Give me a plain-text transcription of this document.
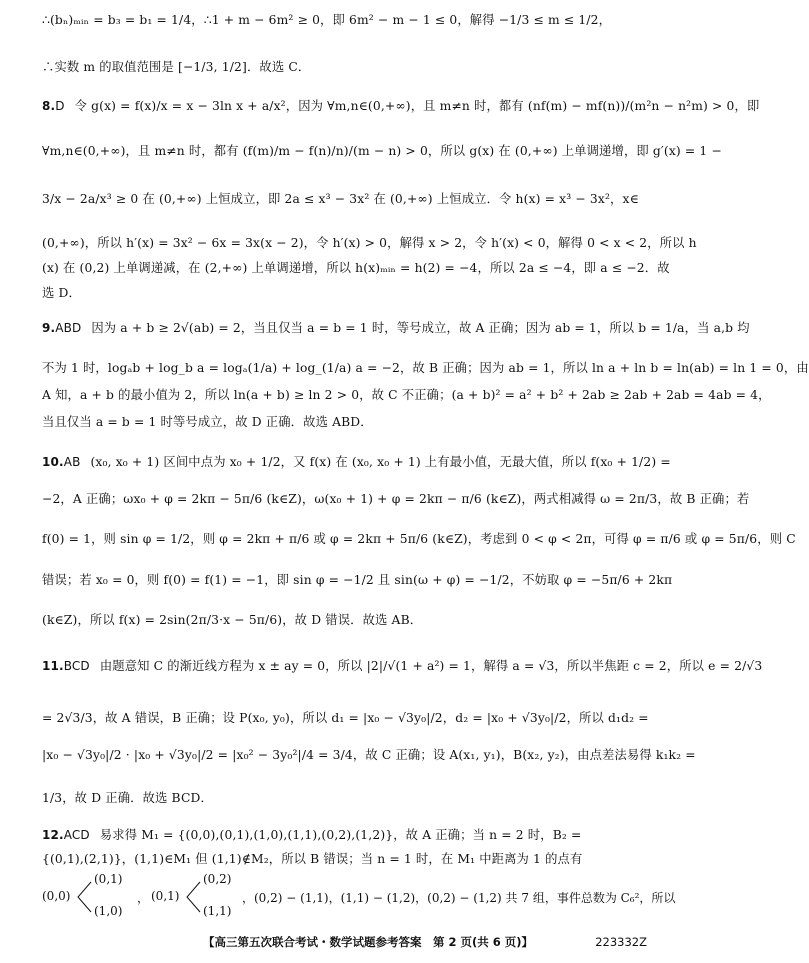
∴(bₙ)ₘᵢₙ = b₃ = b₁ = 1/4，∴1 + m − 6m² ≥ 0，即 6m² − m − 1 ≤ 0，解得 −1/3 ≤ m ≤ 1/2，
∴实数 m 的取值范围是 [−1/3, 1/2]．故选 C．
8.D 令 g(x) = f(x)/x = x − 3ln x + a/x²，因为 ∀m,n∈(0,+∞)，且 m≠n 时，都有 (nf(m) − mf(n))/(m²n − n²m) > 0，即
∀m,n∈(0,+∞)，且 m≠n 时，都有 (f(m)/m − f(n)/n)/(m − n) > 0，所以 g(x) 在 (0,+∞) 上单调递增，即 g′(x) = 1 −
3/x − 2a/x³ ≥ 0 在 (0,+∞) 上恒成立，即 2a ≤ x³ − 3x² 在 (0,+∞) 上恒成立．令 h(x) = x³ − 3x²，x∈
(0,+∞)，所以 h′(x) = 3x² − 6x = 3x(x − 2)，令 h′(x) > 0，解得 x > 2，令 h′(x) < 0，解得 0 < x < 2，所以 h
(x) 在 (0,2) 上单调递减，在 (2,+∞) 上单调递增，所以 h(x)ₘᵢₙ = h(2) = −4，所以 2a ≤ −4，即 a ≤ −2．故
选 D．
9.ABD 因为 a + b ≥ 2√(ab) = 2，当且仅当 a = b = 1 时，等号成立，故 A 正确；因为 ab = 1，所以 b = 1/a，当 a,b 均
不为 1 时，logₐb + log_b a = logₐ(1/a) + log_(1/a) a = −2，故 B 正确；因为 ab = 1，所以 ln a + ln b = ln(ab) = ln 1 = 0，由
A 知，a + b 的最小值为 2，所以 ln(a + b) ≥ ln 2 > 0，故 C 不正确；(a + b)² = a² + b² + 2ab ≥ 2ab + 2ab = 4ab = 4，
当且仅当 a = b = 1 时等号成立，故 D 正确．故选 ABD．
10.AB (x₀, x₀ + 1) 区间中点为 x₀ + 1/2，又 f(x) 在 (x₀, x₀ + 1) 上有最小值，无最大值，所以 f(x₀ + 1/2) =
−2，A 正确；ωx₀ + φ = 2kπ − 5π/6 (k∈Z)，ω(x₀ + 1) + φ = 2kπ − π/6 (k∈Z)，两式相减得 ω = 2π/3，故 B 正确；若
f(0) = 1，则 sin φ = 1/2，则 φ = 2kπ + π/6 或 φ = 2kπ + 5π/6 (k∈Z)，考虑到 0 < φ < 2π，可得 φ = π/6 或 φ = 5π/6，则 C
错误；若 x₀ = 0，则 f(0) = f(1) = −1，即 sin φ = −1/2 且 sin(ω + φ) = −1/2，不妨取 φ = −5π/6 + 2kπ
(k∈Z)，所以 f(x) = 2sin(2π/3·x − 5π/6)，故 D 错误．故选 AB．
11.BCD 由题意知 C 的渐近线方程为 x ± ay = 0，所以 |2|/√(1 + a²) = 1，解得 a = √3，所以半焦距 c = 2，所以 e = 2/√3
= 2√3/3，故 A 错误，B 正确；设 P(x₀, y₀)，所以 d₁ = |x₀ − √3y₀|/2，d₂ = |x₀ + √3y₀|/2，所以 d₁d₂ =
|x₀ − √3y₀|/2 · |x₀ + √3y₀|/2 = |x₀² − 3y₀²|/4 = 3/4，故 C 正确；设 A(x₁, y₁)，B(x₂, y₂)，由点差法易得 k₁k₂ =
1/3，故 D 正确．故选 BCD．
12.ACD 易求得 M₁ = {(0,0),(0,1),(1,0),(1,1),(0,2),(1,2)}，故 A 正确；当 n = 2 时，B₂ =
{(0,1),(2,1)}，(1,1)∈M₁ 但 (1,1)∉M₂，所以 B 错误；当 n = 1 时，在 M₁ 中距离为 1 的点有
(0,0)
(0,1)
(1,0)
， (0,1)
(0,2)
(1,1)
，(0,2) − (1,1)，(1,1) − (1,2)，(0,2) − (1,2) 共 7 组，事件总数为 C₆²，所以
【高三第五次联合考试・数学试题参考答案　第 2 页(共 6 页)】	223332Z
